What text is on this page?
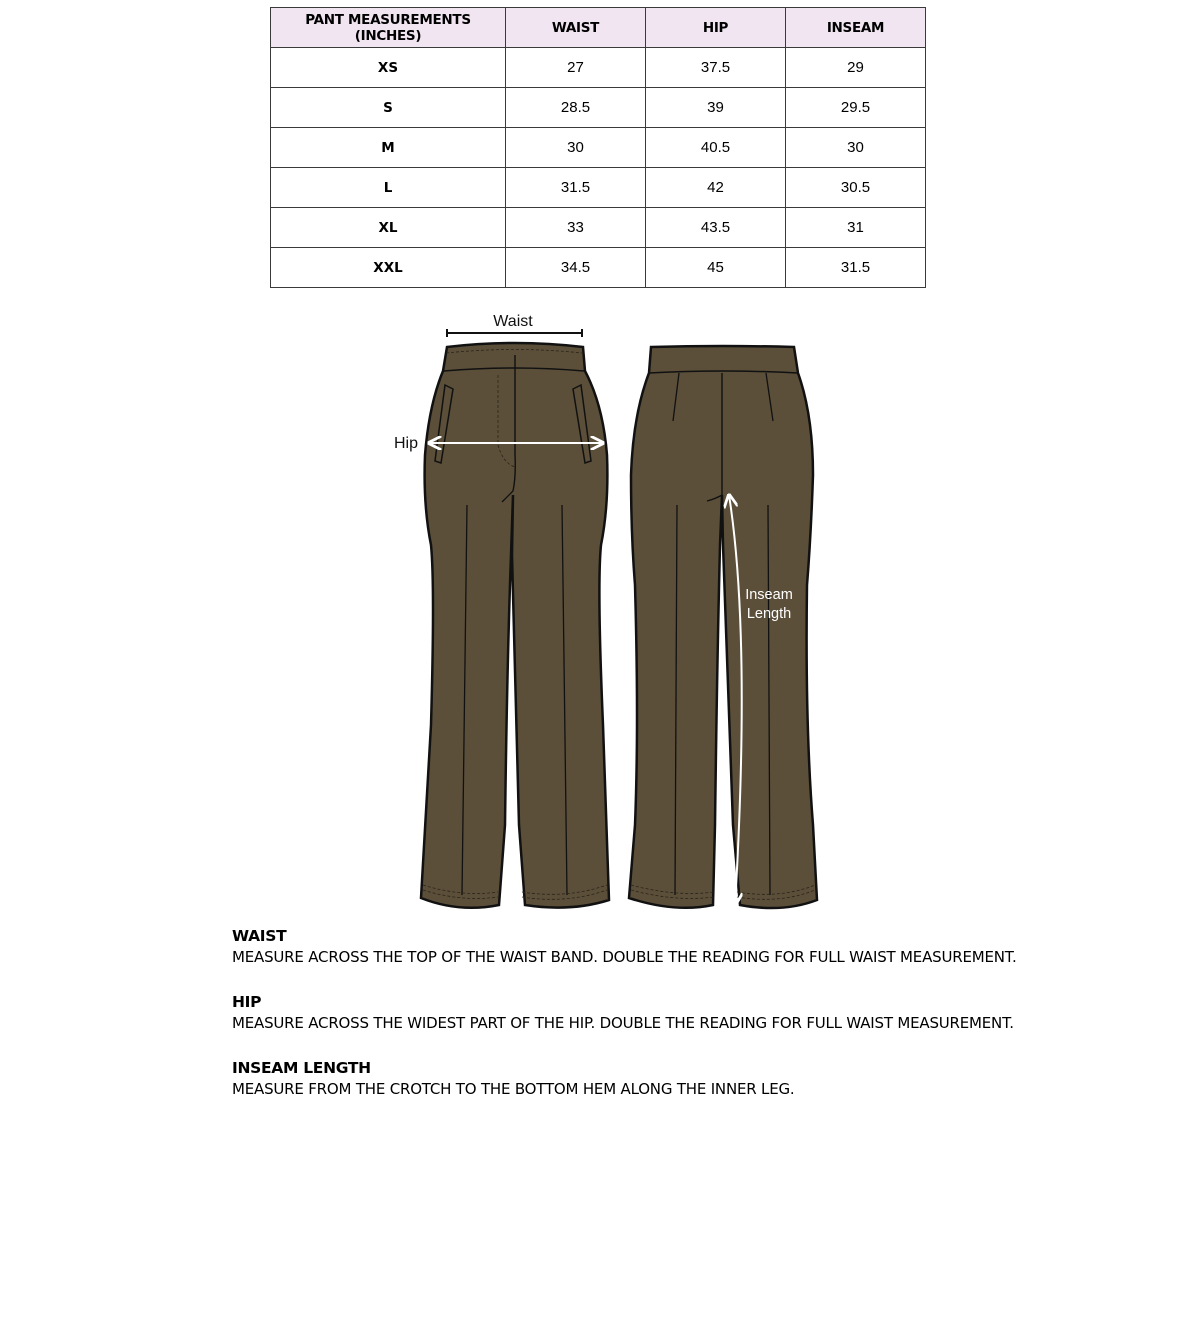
PANT MEASUREMENTS (INCHES)	WAIST	HIP	INSEAM
XS	27	37.5	29
S	28.5	39	29.5
M	30	40.5	30
L	31.5	42	30.5
XL	33	43.5	31
XXL	34.5	45	31.5
Waist
Hip
Inseam
Length
WAIST
MEASURE ACROSS THE TOP OF THE WAIST BAND. DOUBLE THE READING FOR FULL WAIST MEASUREMENT.
HIP
MEASURE ACROSS THE WIDEST PART OF THE HIP. DOUBLE THE READING FOR FULL WAIST MEASUREMENT.
INSEAM LENGTH
MEASURE FROM THE CROTCH TO THE BOTTOM HEM ALONG THE INNER LEG.
